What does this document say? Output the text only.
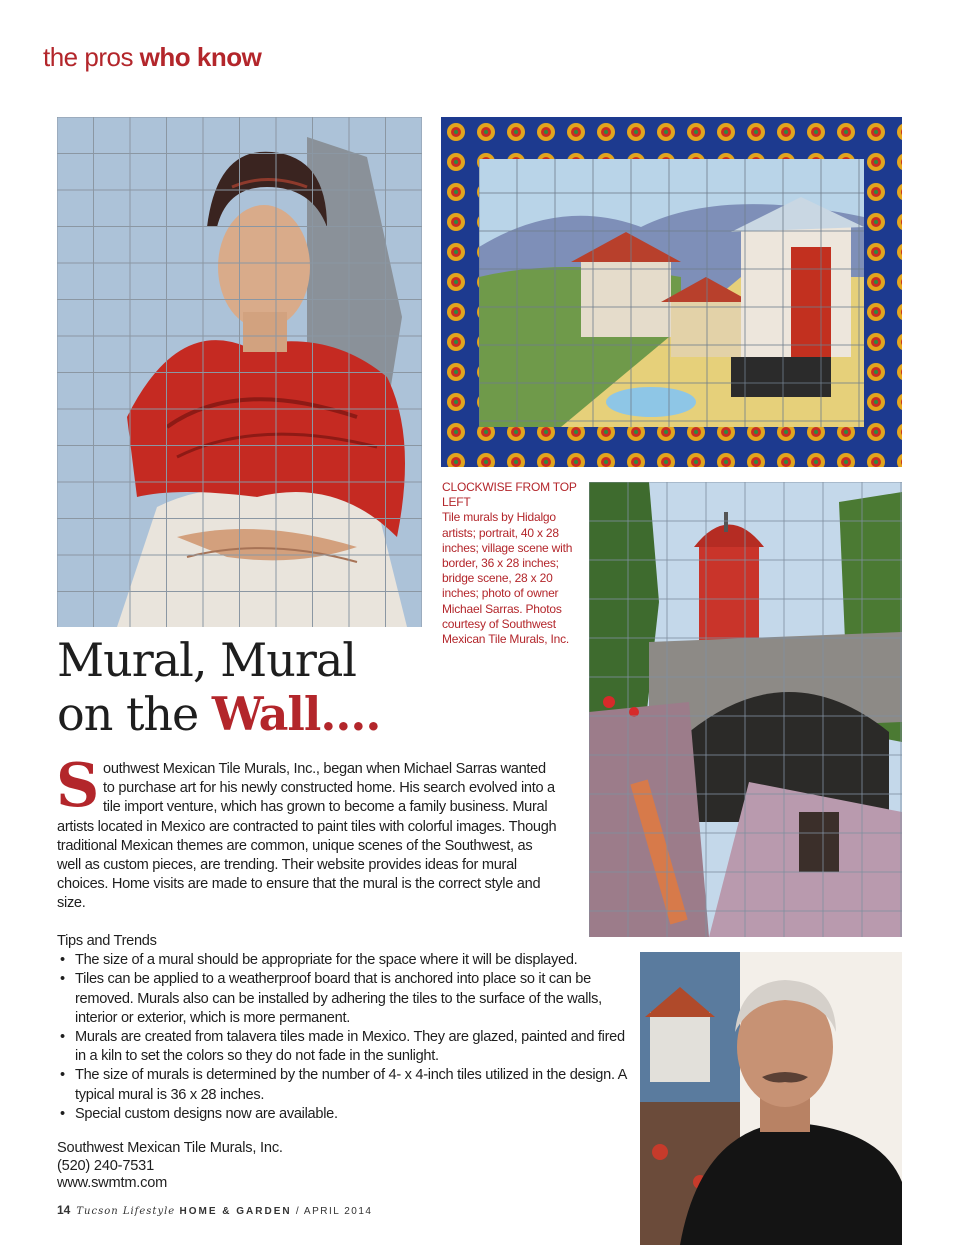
the pros who know
CLOCKWISE FROM TOP LEFT
Tile murals by Hidalgo artists; portrait, 40 x 28 inches; village scene with border, 36 x 28 inches; bridge scene, 28 x 20 inches; photo of owner Michael Sarras. Photos courtesy of Southwest Mexican Tile Murals, Inc.
Mural, Mural
on the Wall….
Southwest Mexican Tile Murals, Inc., began when Michael Sarras wanted to purchase art for his newly constructed home. His search evolved into a tile import venture, which has grown to become a family business. Mural artists located in Mexico are contracted to paint tiles with colorful images. Though traditional Mexican themes are common, unique scenes of the Southwest, as well as custom pieces, are trending. Their website provides ideas for mural choices. Home visits are made to ensure that the mural is the correct style and size.
Tips and Trends
• The size of a mural should be appropriate for the space where it will be displayed.
• Tiles can be applied to a weatherproof board that is anchored into place so it can be removed. Murals also can be installed by adhering the tiles to the surface of the walls, interior or exterior, which is more permanent.
• Murals are created from talavera tiles made in Mexico. They are glazed, painted and fired in a kiln to set the colors so they do not fade in the sunlight.
• The size of murals is determined by the number of 4- x 4-inch tiles utilized in the design. A typical mural is 36 x 28 inches.
• Special custom designs now are available.
Southwest Mexican Tile Murals, Inc.
(520) 240-7531
www.swmtm.com
14 Tucson Lifestyle HOME & GARDEN / APRIL 2014
